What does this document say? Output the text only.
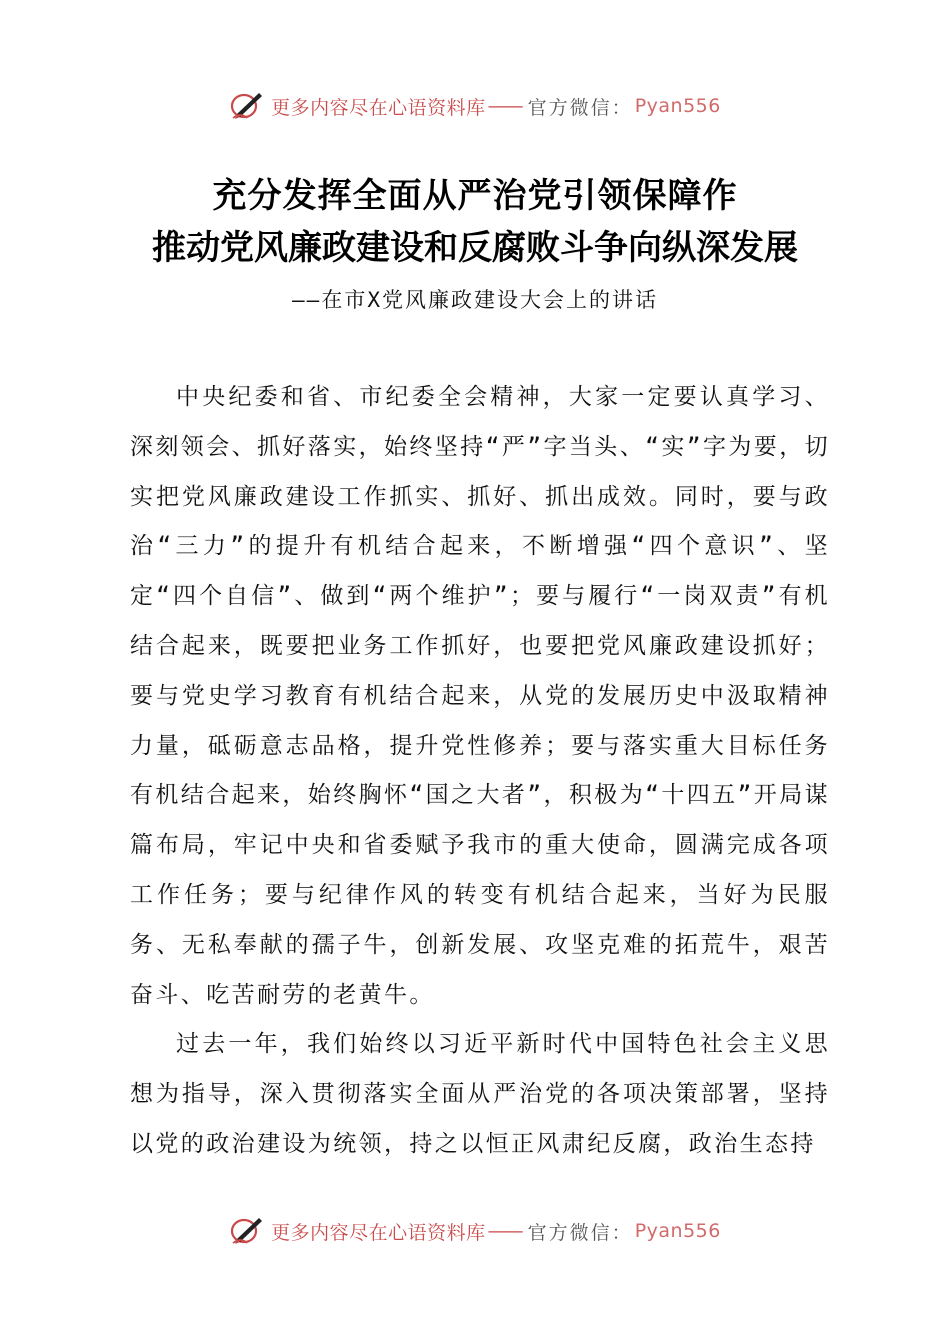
更多内容尽在心语资料库 —— 官方微信： Pyan556
充分发挥全面从严治党引领保障作
推动党风廉政建设和反腐败斗争向纵深发展
——在市X党风廉政建设大会上的讲话

中央纪委和省、市纪委全会精神，大家一定要认真学习、深刻领会、抓好落实，始终坚持“严”字当头、“实”字为要，切实把党风廉政建设工作抓实、抓好、抓出成效。同时，要与政治“三力”的提升有机结合起来，不断增强“四个意识”、坚定“四个自信”、做到“两个维护”；要与履行“一岗双责”有机结合起来，既要把业务工作抓好，也要把党风廉政建设抓好；要与党史学习教育有机结合起来，从党的发展历史中汲取精神力量，砥砺意志品格，提升党性修养；要与落实重大目标任务有机结合起来，始终胸怀“国之大者”，积极为“十四五”开局谋篇布局，牢记中央和省委赋予我市的重大使命，圆满完成各项工作任务；要与纪律作风的转变有机结合起来，当好为民服务、无私奉献的孺子牛，创新发展、攻坚克难的拓荒牛，艰苦奋斗、吃苦耐劳的老黄牛。

过去一年，我们始终以习近平新时代中国特色社会主义思想为指导，深入贯彻落实全面从严治党的各项决策部署，坚持以党的政治建设为统领，持之以恒正风肃纪反腐，政治生态持

更多内容尽在心语资料库 —— 官方微信： Pyan556
